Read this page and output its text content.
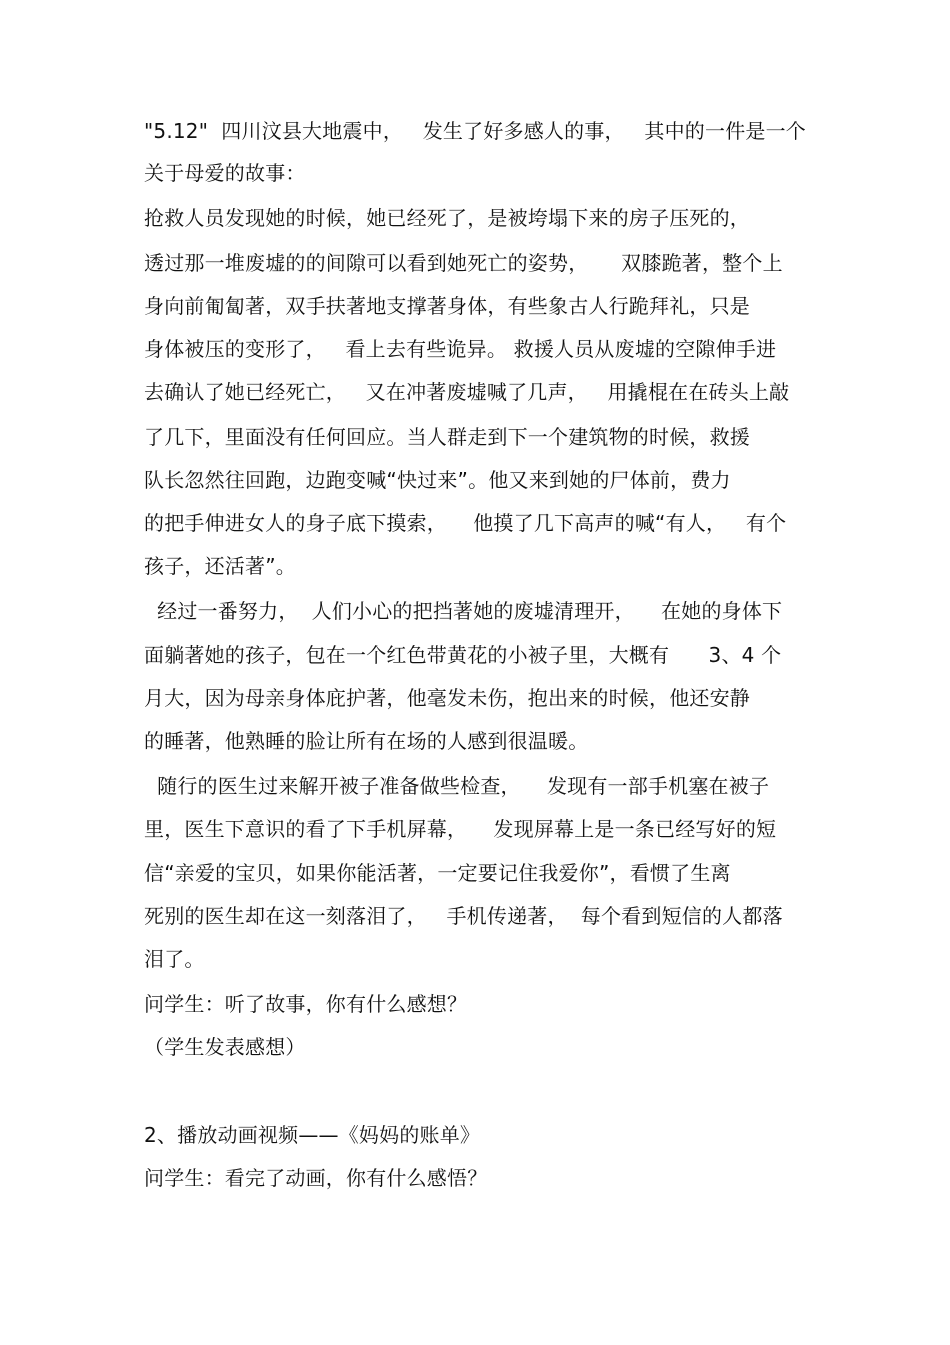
"5.12"  四川汶县大地震中，   发生了好多感人的事，   其中的一件是一个
关于母爱的故事：
抢救人员发现她的时候，她已经死了，是被垮塌下来的房子压死的，
透过那一堆废墟的的间隙可以看到她死亡的姿势，     双膝跪著，整个上
身向前匍匐著，双手扶著地支撑著身体，有些象古人行跪拜礼，只是
身体被压的变形了，   看上去有些诡异。 救援人员从废墟的空隙伸手进
去确认了她已经死亡，   又在冲著废墟喊了几声，   用撬棍在在砖头上敲
了几下，里面没有任何回应。当人群走到下一个建筑物的时候，救援
队长忽然往回跑，边跑变喊“快过来”。他又来到她的尸体前，费力
的把手伸进女人的身子底下摸索，    他摸了几下高声的喊“有人，   有个
孩子，还活著”。
经过一番努力，  人们小心的把挡著她的废墟清理开，    在她的身体下
面躺著她的孩子，包在一个红色带黄花的小被子里，大概有      3、4 个
月大，因为母亲身体庇护著，他毫发未伤，抱出来的时候，他还安静
的睡著，他熟睡的脸让所有在场的人感到很温暖。
随行的医生过来解开被子准备做些检查，    发现有一部手机塞在被子
里，医生下意识的看了下手机屏幕，    发现屏幕上是一条已经写好的短
信“亲爱的宝贝，如果你能活著，一定要记住我爱你”，看惯了生离
死别的医生却在这一刻落泪了，   手机传递著，  每个看到短信的人都落
泪了。
问学生：听了故事，你有什么感想？
（学生发表感想）
2、播放动画视频——《妈妈的账单》
问学生：看完了动画，你有什么感悟？
